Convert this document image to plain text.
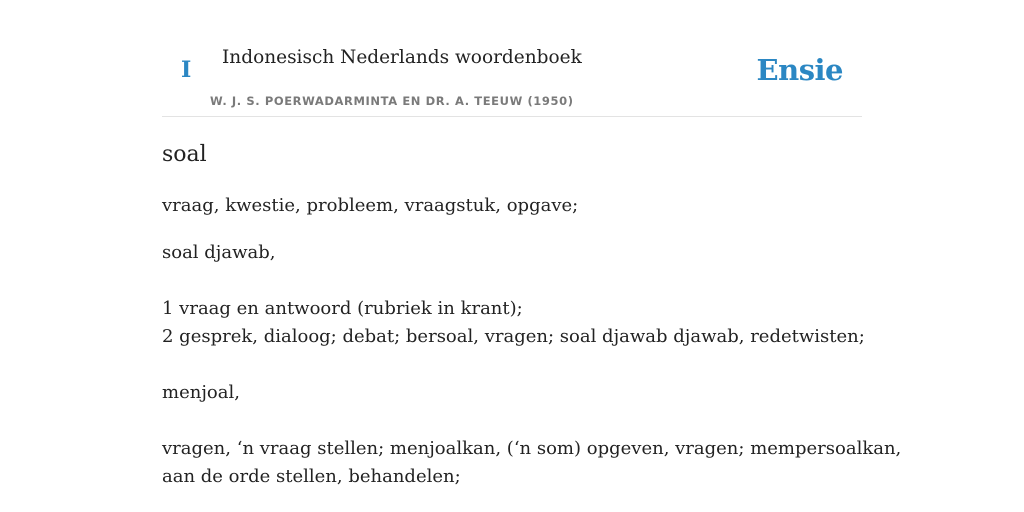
I Indonesisch Nederlands woordenboek
W. J. S. POERWADARMINTA EN DR. A. TEEUW (1950)
Ensie
soal
vraag, kwestie, probleem, vraagstuk, opgave;
soal djawab,
1 vraag en antwoord (rubriek in krant);
2 gesprek, dialoog; debat; bersoal, vragen; soal djawab djawab, redetwisten;
menjoal,
vragen, ‘n vraag stellen; menjoalkan, (‘n som) opgeven, vragen; mempersoalkan,
aan de orde stellen, behandelen;
